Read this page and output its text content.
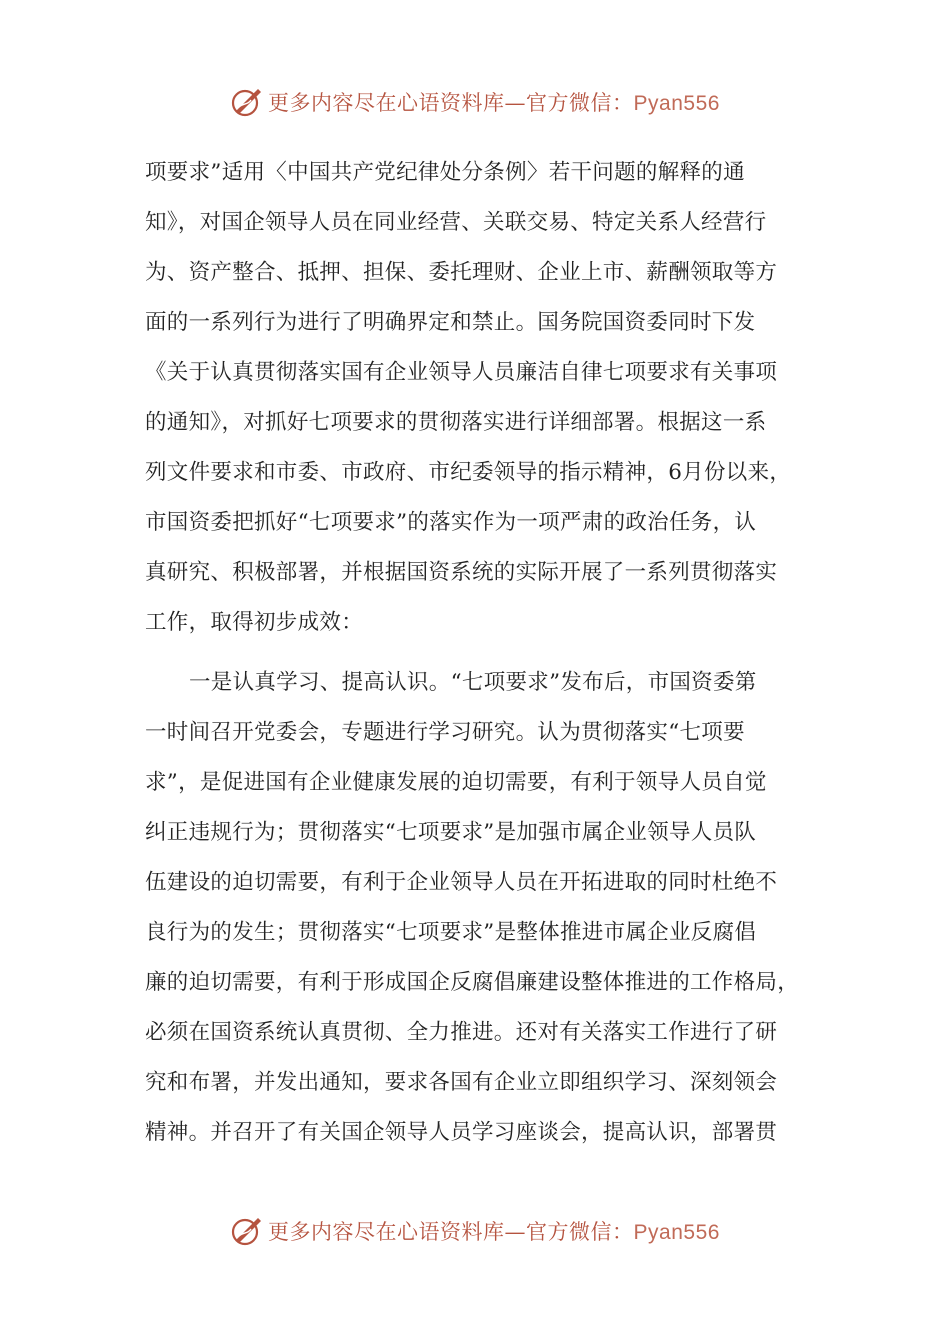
更多内容尽在心语资料库—官方微信：Pyan556
项要求”适用〈中国共产党纪律处分条例〉若干问题的解释的通
知》，对国企领导人员在同业经营、关联交易、特定关系人经营行
为、资产整合、抵押、担保、委托理财、企业上市、薪酬领取等方
面的一系列行为进行了明确界定和禁止。国务院国资委同时下发
《关于认真贯彻落实国有企业领导人员廉洁自律七项要求有关事项
的通知》，对抓好七项要求的贯彻落实进行详细部署。根据这一系
列文件要求和市委、市政府、市纪委领导的指示精神，6月份以来，
市国资委把抓好“七项要求”的落实作为一项严肃的政治任务，认
真研究、积极部署，并根据国资系统的实际开展了一系列贯彻落实
工作，取得初步成效：
一是认真学习、提高认识。“七项要求”发布后，市国资委第
一时间召开党委会，专题进行学习研究。认为贯彻落实“七项要
求”，是促进国有企业健康发展的迫切需要，有利于领导人员自觉
纠正违规行为；贯彻落实“七项要求”是加强市属企业领导人员队
伍建设的迫切需要，有利于企业领导人员在开拓进取的同时杜绝不
良行为的发生；贯彻落实“七项要求”是整体推进市属企业反腐倡
廉的迫切需要，有利于形成国企反腐倡廉建设整体推进的工作格局，
必须在国资系统认真贯彻、全力推进。还对有关落实工作进行了研
究和布署，并发出通知，要求各国有企业立即组织学习、深刻领会
精神。并召开了有关国企领导人员学习座谈会，提高认识，部署贯
更多内容尽在心语资料库—官方微信：Pyan556
